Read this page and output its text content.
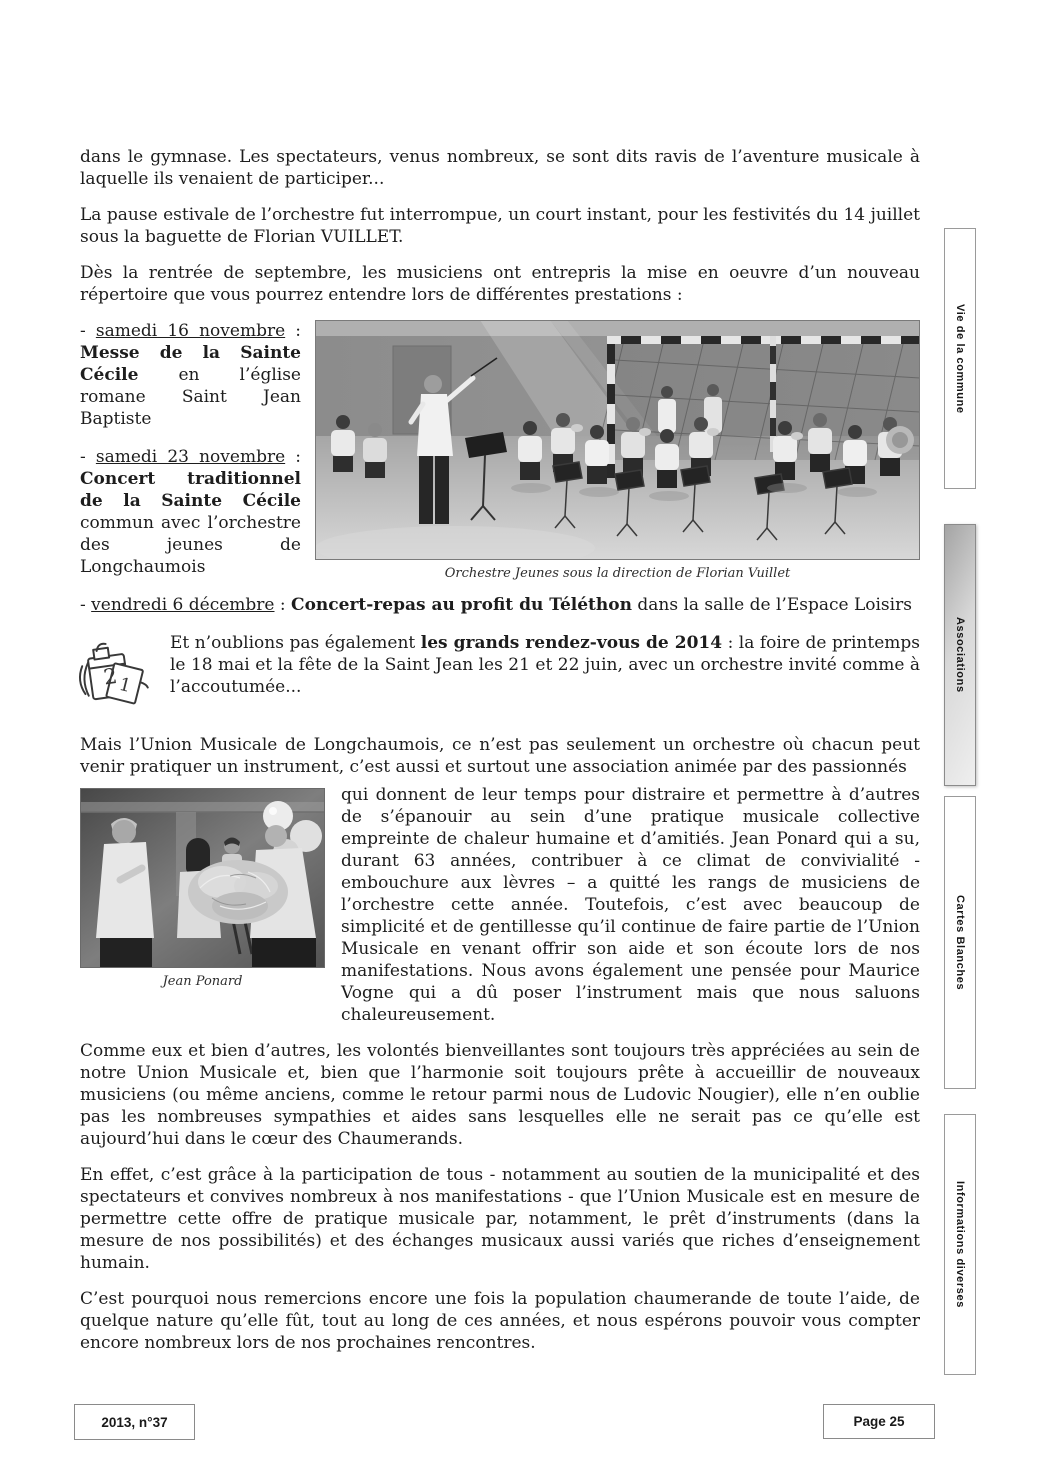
dans le gymnase. Les spectateurs, venus nombreux, se sont dits ravis de l’aventure musicale à laquelle ils venaient de participer...

La pause estivale de l’orchestre fut interrompue, un court instant, pour les festivités du 14 juillet sous la baguette de Florian VUILLET.

Dès la rentrée de septembre, les musiciens ont entrepris la mise en oeuvre d’un nouveau répertoire que vous pourrez entendre lors de différentes prestations :

Orchestre Jeunes sous la direction de Florian Vuillet

- samedi 16 novembre : Messe de la Sainte Cécile en l’église romane Saint Jean Baptiste

- samedi 23 novembre : Concert traditionnel de la Sainte Cécile commun avec l’orchestre des jeunes de Longchaumois

- vendredi 6 décembre : Concert-repas au profit du Téléthon dans la salle de l’Espace Loisirs

2
1

Et n’oublions pas également les grands rendez-vous de 2014 : la foire de printemps le 18 mai et la fête de la Saint Jean les 21 et 22 juin, avec un orchestre invité comme à l’accoutumée...

Mais l’Union Musicale de Longchaumois, ce n’est pas seulement un orchestre où chacun peut venir pratiquer un instrument, c’est aussi et surtout une association animée par des passionnés

Jean Ponard

qui donnent de leur temps pour distraire et permettre à d’autres de s’épanouir au sein d’une pratique musicale collective empreinte de chaleur humaine et d’amitiés. Jean Ponard qui a su, durant 63 années, contribuer à ce climat de convivialité - embouchure aux lèvres – a quitté les rangs de musiciens de l’orchestre cette année. Toutefois, c’est avec beaucoup de simplicité et de gentillesse qu’il continue de faire partie de l’Union Musicale en venant offrir son aide et son écoute lors de nos manifestations. Nous avons également une pensée pour Maurice Vogne qui a dû poser l’instrument mais que nous saluons chaleureusement.

Comme eux et bien d’autres, les volontés bienveillantes sont toujours très appréciées au sein de notre Union Musicale et, bien que l’harmonie soit toujours prête à accueillir de nouveaux musiciens (ou même anciens, comme le retour parmi nous de Ludovic Nougier), elle n’en oublie pas les nombreuses sympathies et aides sans lesquelles elle ne serait pas ce qu’elle est aujourd’hui dans le cœur des Chaumerands.

En effet, c’est grâce à la participation de tous - notamment au soutien de la municipalité et des spectateurs et convives nombreux à nos manifestations - que l’Union Musicale est en mesure de permettre cette offre de pratique musicale par, notamment, le prêt d’instruments (dans la mesure de nos possibilités) et des échanges musicaux aussi variés que riches d’enseignement humain.

C’est pourquoi nous remercions encore une fois la population chaumerande de toute l’aide, de quelque nature qu’elle fût, tout au long de ces années, et nous espérons pouvoir vous compter encore nombreux lors de nos prochaines rencontres.

Vie de la commune
Associations
Cartes Blanches
Informations diverses
2013, n°37	Page 25
